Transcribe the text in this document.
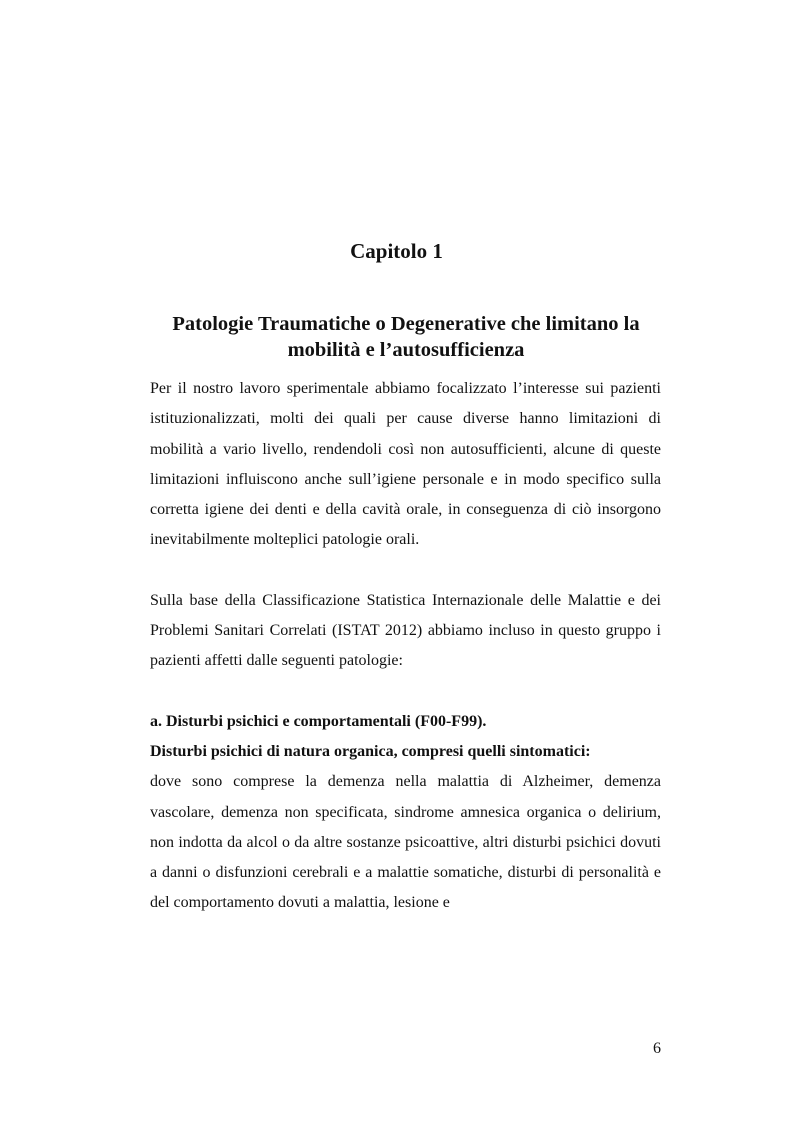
Capitolo 1
Patologie Traumatiche o Degenerative che limitano la mobilità e l’autosufficienza

Per il nostro lavoro sperimentale abbiamo focalizzato l’interesse sui pazienti istituzionalizzati, molti dei quali per cause diverse hanno limitazioni di mobilità a vario livello, rendendoli così non autosufficienti, alcune di queste limitazioni influiscono anche sull’igiene personale e in modo specifico sulla corretta igiene dei denti e della cavità orale, in conseguenza di ciò insorgono inevitabilmente molteplici patologie orali.

Sulla base della Classificazione Statistica Internazionale delle Malattie e dei Problemi Sanitari Correlati (ISTAT 2012) abbiamo incluso in questo gruppo i pazienti affetti dalle seguenti patologie:

a. Disturbi psichici e comportamentali (F00-F99).

Disturbi psichici di natura organica, compresi quelli sintomatici:

dove sono comprese la demenza nella malattia di Alzheimer, demenza vascolare, demenza non specificata, sindrome amnesica organica o delirium, non indotta da alcol o da altre sostanze psicoattive, altri disturbi psichici dovuti a danni o disfunzioni cerebrali e a malattie somatiche, disturbi di personalità e del comportamento dovuti a malattia, lesione e

6
